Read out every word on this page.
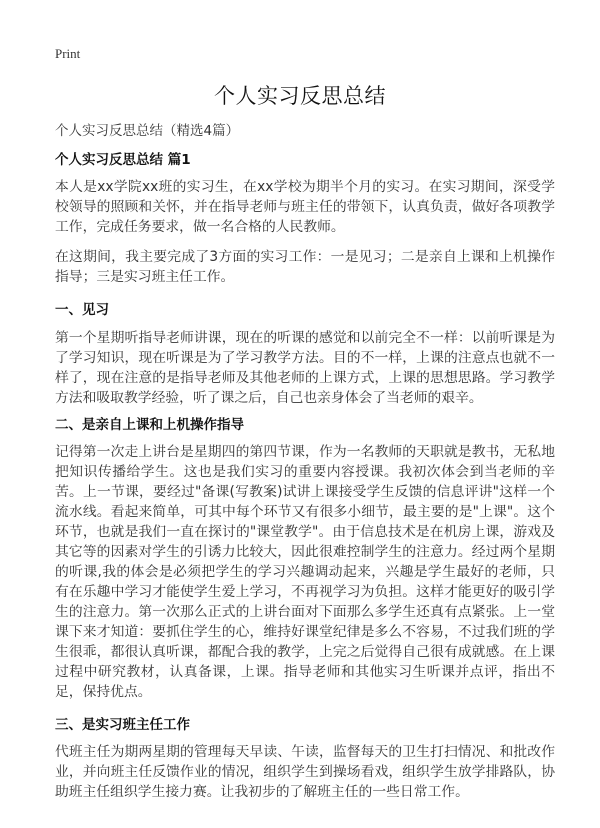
Print
个人实习反思总结
个人实习反思总结（精选4篇）
个人实习反思总结 篇1
本人是xx学院xx班的实习生，在xx学校为期半个月的实习。在实习期间，深受学校领导的照顾和关怀，并在指导老师与班主任的带领下，认真负责，做好各项教学工作，完成任务要求，做一名合格的人民教师。
在这期间，我主要完成了3方面的实习工作：一是见习；二是亲自上课和上机操作指导；三是实习班主任工作。
一、见习
第一个星期听指导老师讲课，现在的听课的感觉和以前完全不一样：以前听课是为了学习知识，现在听课是为了学习教学方法。目的不一样，上课的注意点也就不一样了，现在注意的是指导老师及其他老师的上课方式，上课的思想思路。学习教学方法和吸取教学经验，听了课之后，自己也亲身体会了当老师的艰辛。
二、是亲自上课和上机操作指导
记得第一次走上讲台是星期四的第四节课，作为一名教师的天职就是教书，无私地把知识传播给学生。这也是我们实习的重要内容授课。我初次体会到当老师的辛苦。上一节课，要经过"备课(写教案)试讲上课接受学生反馈的信息评讲"这样一个流水线。看起来简单，可其中每个环节又有很多小细节，最主要的是"上课"。这个环节，也就是我们一直在探讨的"课堂教学"。由于信息技术是在机房上课，游戏及其它等的因素对学生的引诱力比较大，因此很难控制学生的注意力。经过两个星期的听课,我的体会是必须把学生的学习兴趣调动起来，兴趣是学生最好的老师，只有在乐趣中学习才能使学生爱上学习，不再视学习为负担。这样才能更好的吸引学生的注意力。第一次那么正式的上讲台面对下面那么多学生还真有点紧张。上一堂课下来才知道：要抓住学生的心，维持好课堂纪律是多么不容易，不过我们班的学生很乖，都很认真听课，都配合我的教学，上完之后觉得自己很有成就感。在上课过程中研究教材，认真备课，上课。指导老师和其他实习生听课并点评，指出不足，保持优点。
三、是实习班主任工作
代班主任为期两星期的管理每天早读、午读，监督每天的卫生打扫情况、和批改作业，并向班主任反馈作业的情况，组织学生到操场看戏，组织学生放学排路队，协助班主任组织学生接力赛。让我初步的了解班主任的一些日常工作。
